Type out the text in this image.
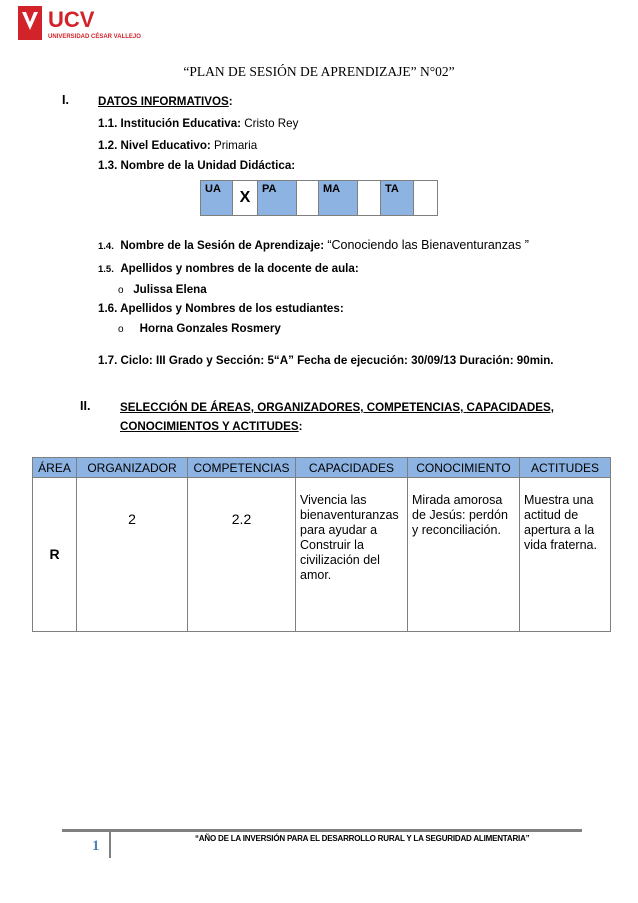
UCV
UNIVERSIDAD CÉSAR VALLEJO
“PLAN DE SESIÓN DE APRENDIZAJE” N°02”
I.	DATOS INFORMATIVOS:
1.1. Institución Educativa: Cristo Rey
1.2. Nivel Educativo: Primaria
1.3. Nombre de la Unidad Didáctica:
UA	X	PA		MA		TA	
1.4. Nombre de la Sesión de Aprendizaje: “Conociendo las Bienaventuranzas ”
1.5. Apellidos y nombres de la docente de aula:
o Julissa Elena
1.6. Apellidos y Nombres de los estudiantes:
o Horna Gonzales Rosmery
1.7. Ciclo: III Grado y Sección: 5“A” Fecha de ejecución: 30/09/13 Duración: 90min.
II.	SELECCIÓN DE ÁREAS, ORGANIZADORES, COMPETENCIAS, CAPACIDADES,
CONOCIMIENTOS Y ACTITUDES:
ÁREA	ORGANIZADOR	COMPETENCIAS	CAPACIDADES	CONOCIMIENTO	ACTITUDES
R	2	2.2	Vivencia las bienaventuranzas para ayudar a Construir la civilización del amor.	Mirada amorosa de Jesús: perdón y reconciliación.	Muestra una actitud de apertura a la vida fraterna.
1	“AÑO DE LA INVERSIÓN PARA EL DESARROLLO RURAL Y LA SEGURIDAD ALIMENTARIA”
